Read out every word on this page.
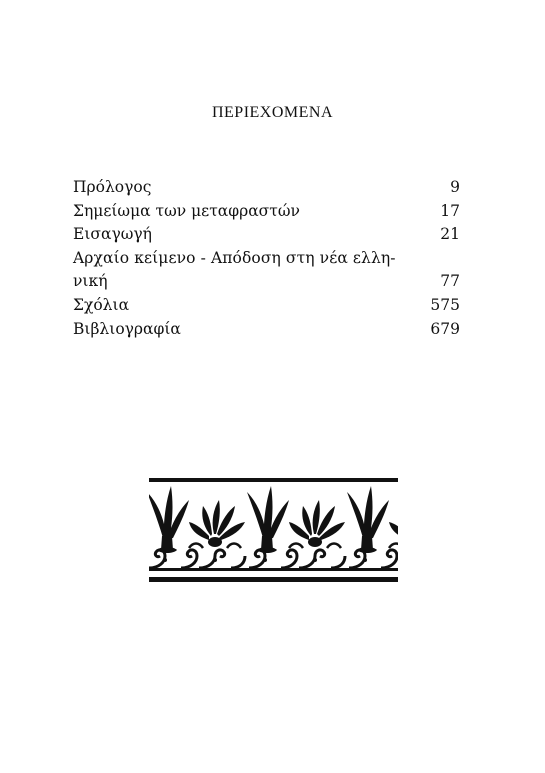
ΠΕΡΙΕΧΟΜΕΝΑ
Πρόλογος	9
Σημείωμα των μεταφραστών	17
Εισαγωγή	21
Αρχαίο κείμενο - Απόδοση στη νέα ελλη-
νική	77
Σχόλια	575
Βιβλιογραφία	679
